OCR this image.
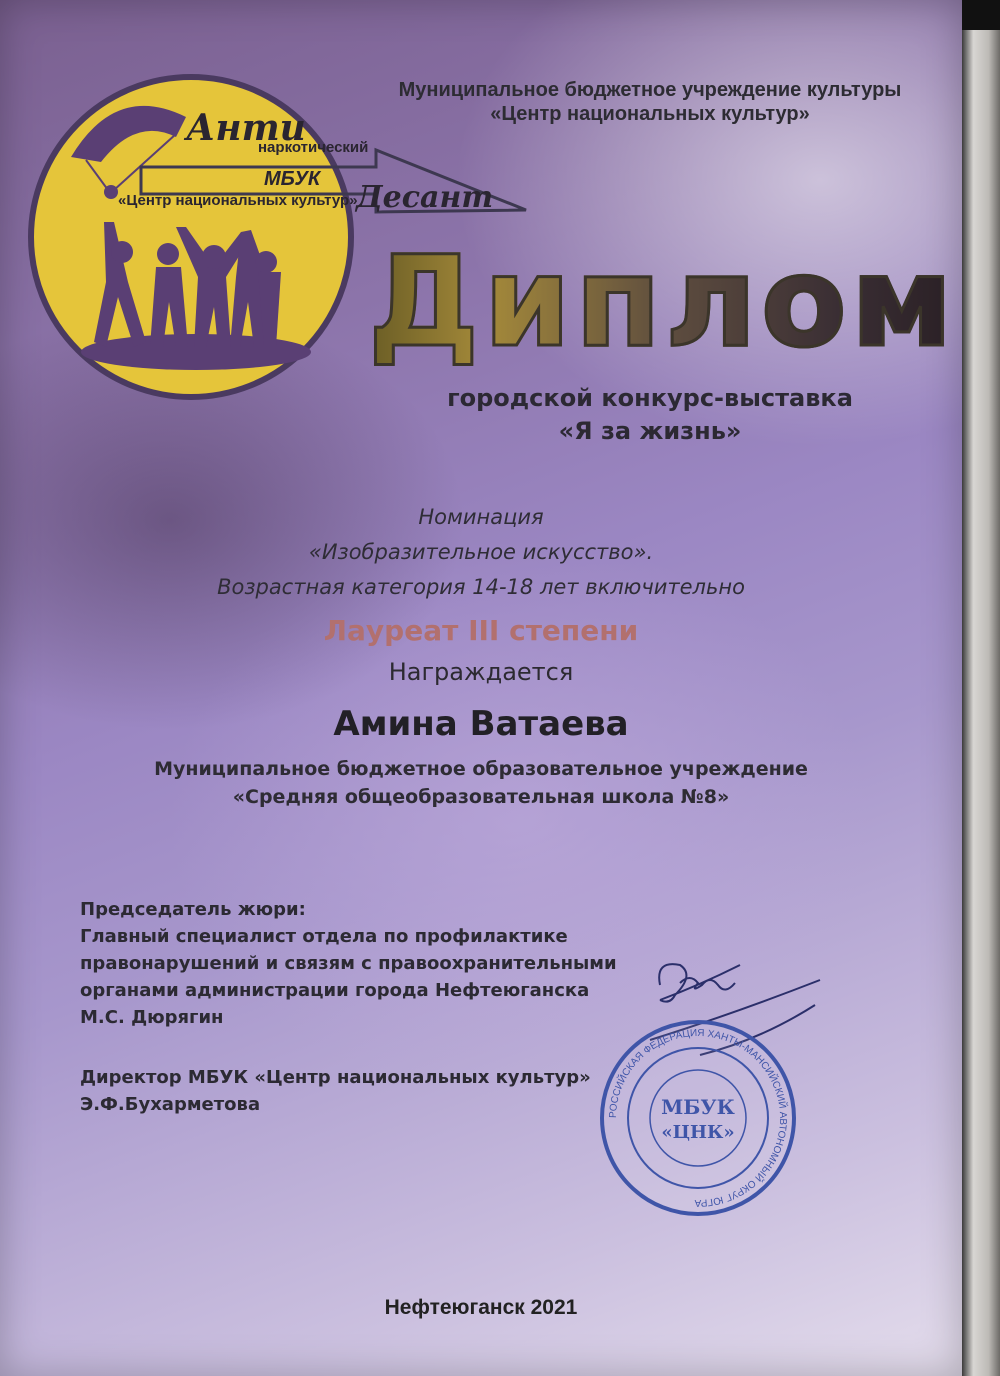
Муниципальное бюджетное учреждение культуры
«Центр национальных культур»

Анти
наркотический
МБУК
«Центр национальных культур»
Десант
Диплом

городской конкурс-выставка
«Я за жизнь»

Номинация
«Изобразительное искусство».
Возрастная категория 14-18 лет включительно

Лауреат III степени

Награждается

Амина Ватаева

Муниципальное бюджетное образовательное учреждение
«Средняя общеобразовательная школа №8»

Председатель жюри:
Главный специалист отдела по профилактике
правонарушений и связям с правоохранительными
органами администрации города Нефтеюганска
М.С. Дюрягин

Директор МБУК «Центр национальных культур»
Э.Ф.Бухарметова	РОССИЙСКАЯ ФЕДЕРАЦИЯ ХАНТЫ-МАНСИЙСКИЙ АВТОНОМНЫЙ ОКРУГ ЮГРА
МБУК
«ЦНК»

Нефтеюганск 2021
